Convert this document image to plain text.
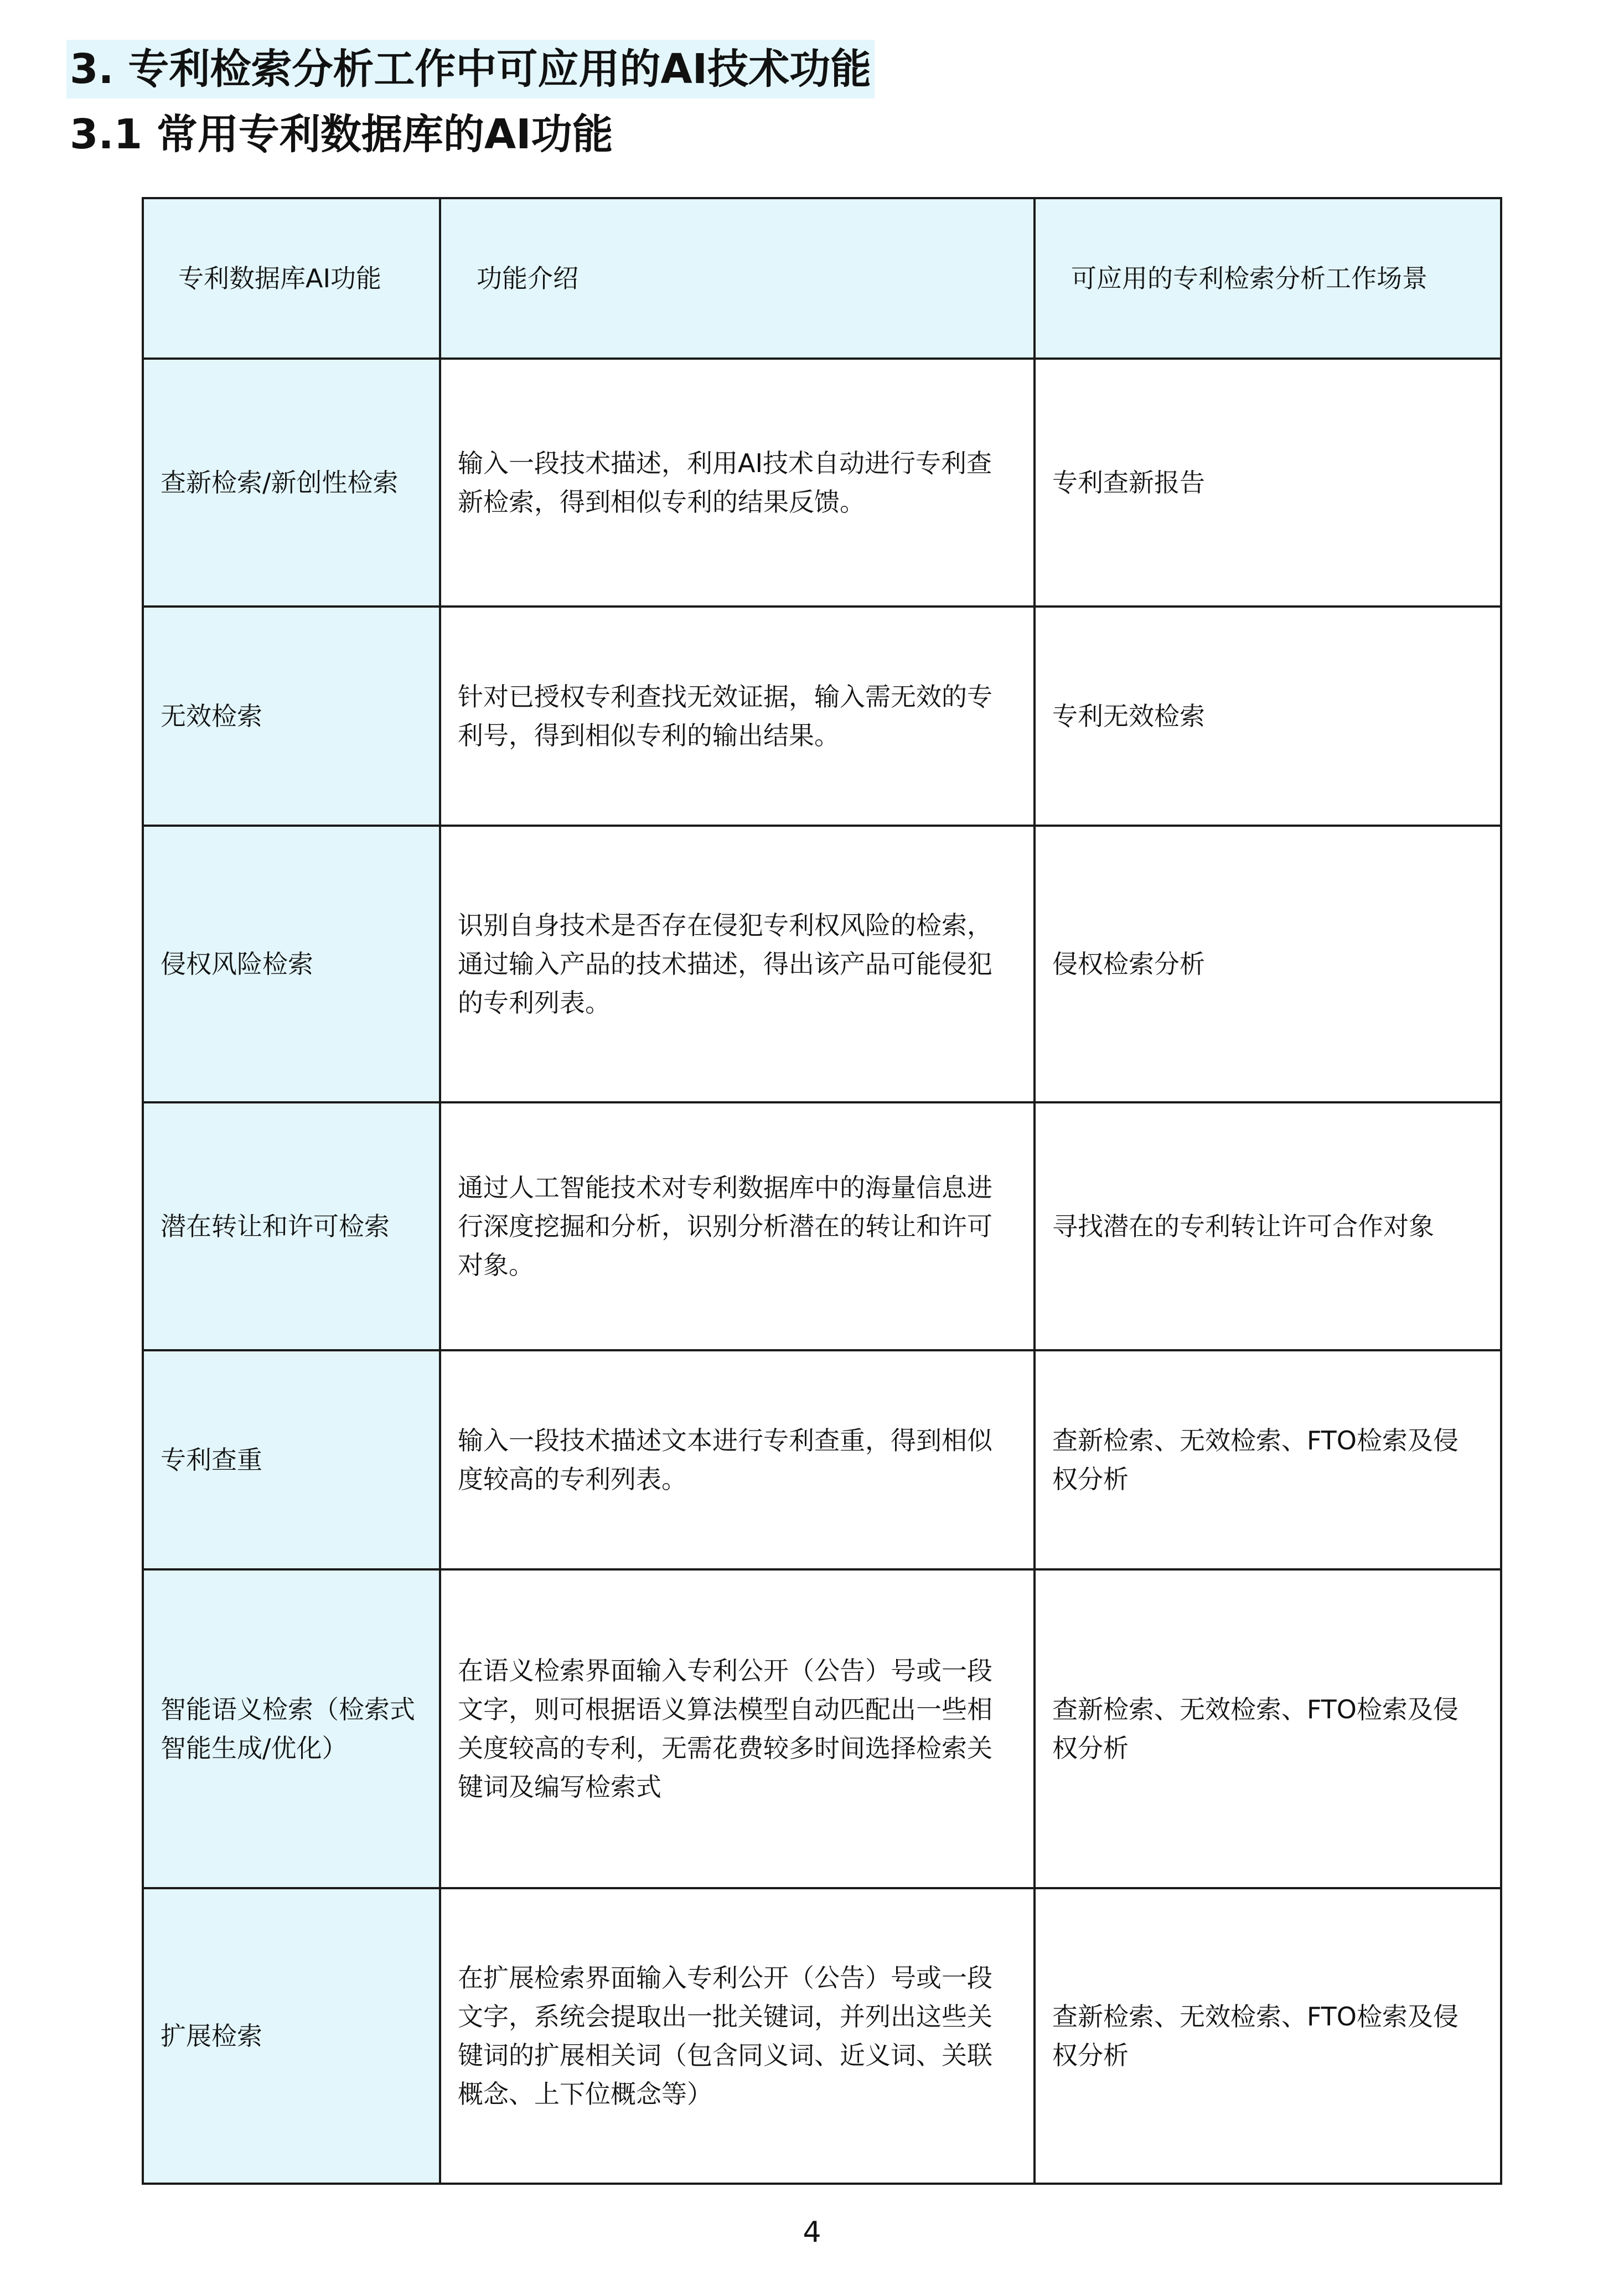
3. 专利检索分析工作中可应用的AI技术功能
3.1 常用专利数据库的AI功能
专利数据库AI功能	功能介绍	可应用的专利检索分析工作场景
查新检索/新创性检索	输入一段技术描述，利用AI技术自动进行专利查新检索，得到相似专利的结果反馈。	专利查新报告
无效检索	针对已授权专利查找无效证据，输入需无效的专利号，得到相似专利的输出结果。	专利无效检索
侵权风险检索	识别自身技术是否存在侵犯专利权风险的检索，通过输入产品的技术描述，得出该产品可能侵犯的专利列表。	侵权检索分析
潜在转让和许可检索	通过人工智能技术对专利数据库中的海量信息进行深度挖掘和分析，识别分析潜在的转让和许可对象。	寻找潜在的专利转让许可合作对象
专利查重	输入一段技术描述文本进行专利查重，得到相似度较高的专利列表。	查新检索、无效检索、FTO检索及侵权分析
智能语义检索（检索式智能生成/优化）	在语义检索界面输入专利公开（公告）号或一段文字，则可根据语义算法模型自动匹配出一些相关度较高的专利，无需花费较多时间选择检索关键词及编写检索式	查新检索、无效检索、FTO检索及侵权分析
扩展检索	在扩展检索界面输入专利公开（公告）号或一段文字，系统会提取出一批关键词，并列出这些关键词的扩展相关词（包含同义词、近义词、关联概念、上下位概念等）	查新检索、无效检索、FTO检索及侵权分析
4
